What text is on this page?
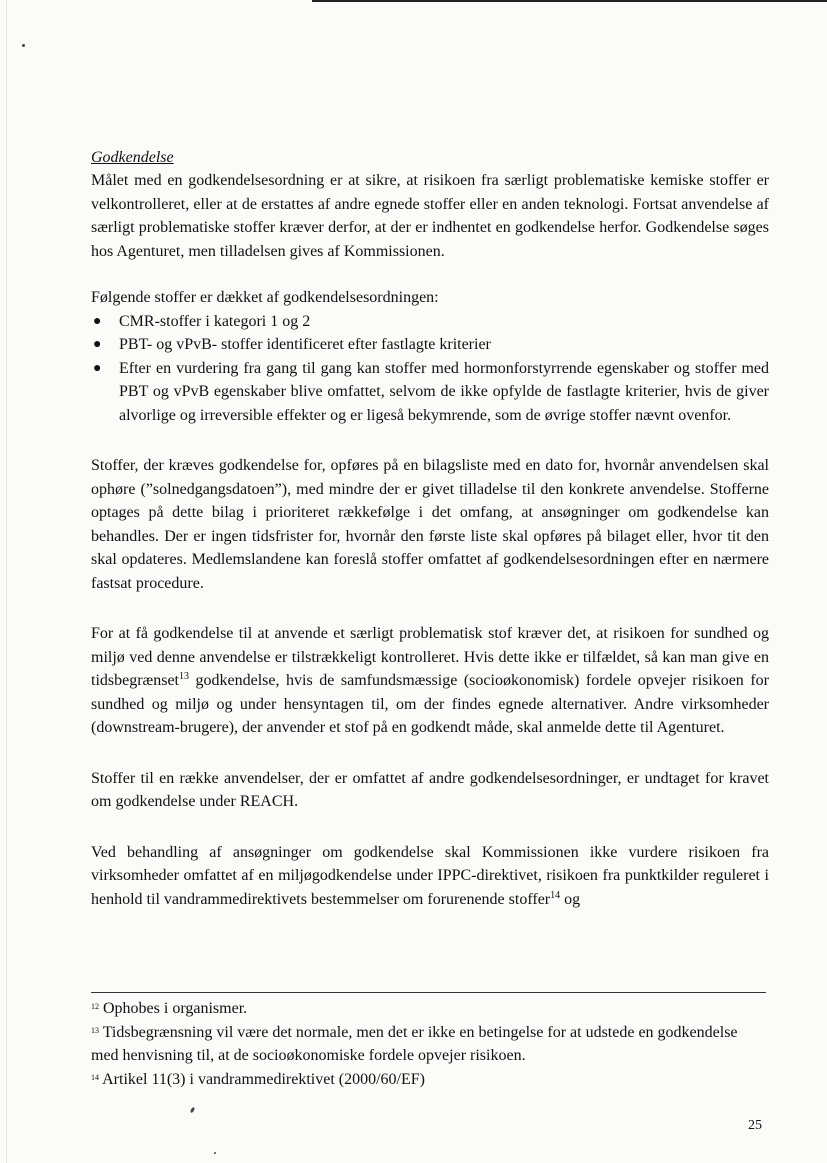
Godkendelse

Målet med en godkendelsesordning er at sikre, at risikoen fra særligt problematiske kemiske stoffer er velkontrolleret, eller at de erstattes af andre egnede stoffer eller en anden teknologi. Fortsat anvendelse af særligt problematiske stoffer kræver derfor, at der er indhentet en godkendelse herfor. Godkendelse søges hos Agenturet, men tilladelsen gives af Kommissionen.

Følgende stoffer er dækket af godkendelsesordningen:

● CMR-stoffer i kategori 1 og 2
● PBT- og vPvB- stoffer identificeret efter fastlagte kriterier
● Efter en vurdering fra gang til gang kan stoffer med hormonforstyrrende egenskaber og stoffer med PBT og vPvB egenskaber blive omfattet, selvom de ikke opfylde de fastlagte kriterier, hvis de giver alvorlige og irreversible effekter og er ligeså bekymrende, som de øvrige stoffer nævnt ovenfor.

Stoffer, der kræves godkendelse for, opføres på en bilagsliste med en dato for, hvornår anvendelsen skal ophøre (”solnedgangsdatoen”), med mindre der er givet tilladelse til den konkrete anvendelse. Stofferne optages på dette bilag i prioriteret rækkefølge i det omfang, at ansøgninger om godkendelse kan behandles. Der er ingen tidsfrister for, hvornår den første liste skal opføres på bilaget eller, hvor tit den skal opdateres. Medlemslandene kan foreslå stoffer omfattet af godkendelsesordningen efter en nærmere fastsat procedure.

For at få godkendelse til at anvende et særligt problematisk stof kræver det, at risikoen for sundhed og miljø ved denne anvendelse er tilstrækkeligt kontrolleret. Hvis dette ikke er tilfældet, så kan man give en tidsbegrænset$^{13}$ godkendelse, hvis de samfundsmæssige (socioøkonomisk) fordele opvejer risikoen for sundhed og miljø og under hensyntagen til, om der findes egnede alternativer. Andre virksomheder (downstream-brugere), der anvender et stof på en godkendt måde, skal anmelde dette til Agenturet.

Stoffer til en række anvendelser, der er omfattet af andre godkendelsesordninger, er undtaget for kravet om godkendelse under REACH.

Ved behandling af ansøgninger om godkendelse skal Kommissionen ikke vurdere risikoen fra virksomheder omfattet af en miljøgodkendelse under IPPC-direktivet, risikoen fra punktkilder reguleret i henhold til vandrammedirektivets bestemmelser om forurenende stoffer$^{14}$ og

$^{12}$ Ophobes i organismer.

$^{13}$ Tidsbegrænsning vil være det normale, men det er ikke en betingelse for at udstede en godkendelse med henvisning til, at de socioøkonomiske fordele opvejer risikoen.

$^{14}$ Artikel 11(3) i vandrammedirektivet (2000/60/EF)

25
